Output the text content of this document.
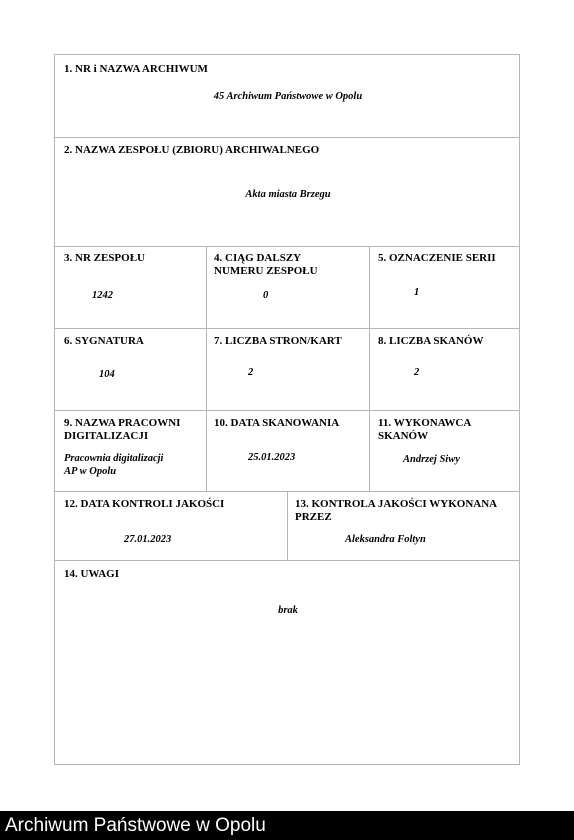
1. NR i NAZWA ARCHIWUM
45 Archiwum Państwowe w Opolu
2. NAZWA ZESPOŁU (ZBIORU) ARCHIWALNEGO
Akta miasta Brzegu
3. NR ZESPOŁU
1242
4. CIĄG DALSZY
NUMERU ZESPOŁU
0
5. OZNACZENIE SERII
1
6. SYGNATURA
104
7. LICZBA STRON/KART
2
8. LICZBA SKANÓW
2
9. NAZWA PRACOWNI
DIGITALIZACJI
Pracownia digitalizacji
AP w Opolu
10. DATA SKANOWANIA
25.01.2023
11. WYKONAWCA
SKANÓW
Andrzej Siwy
12. DATA KONTROLI JAKOŚCI
27.01.2023
13. KONTROLA JAKOŚCI WYKONANA
PRZEZ
Aleksandra Foltyn
14. UWAGI
brak
Archiwum Państwowe w Opolu
